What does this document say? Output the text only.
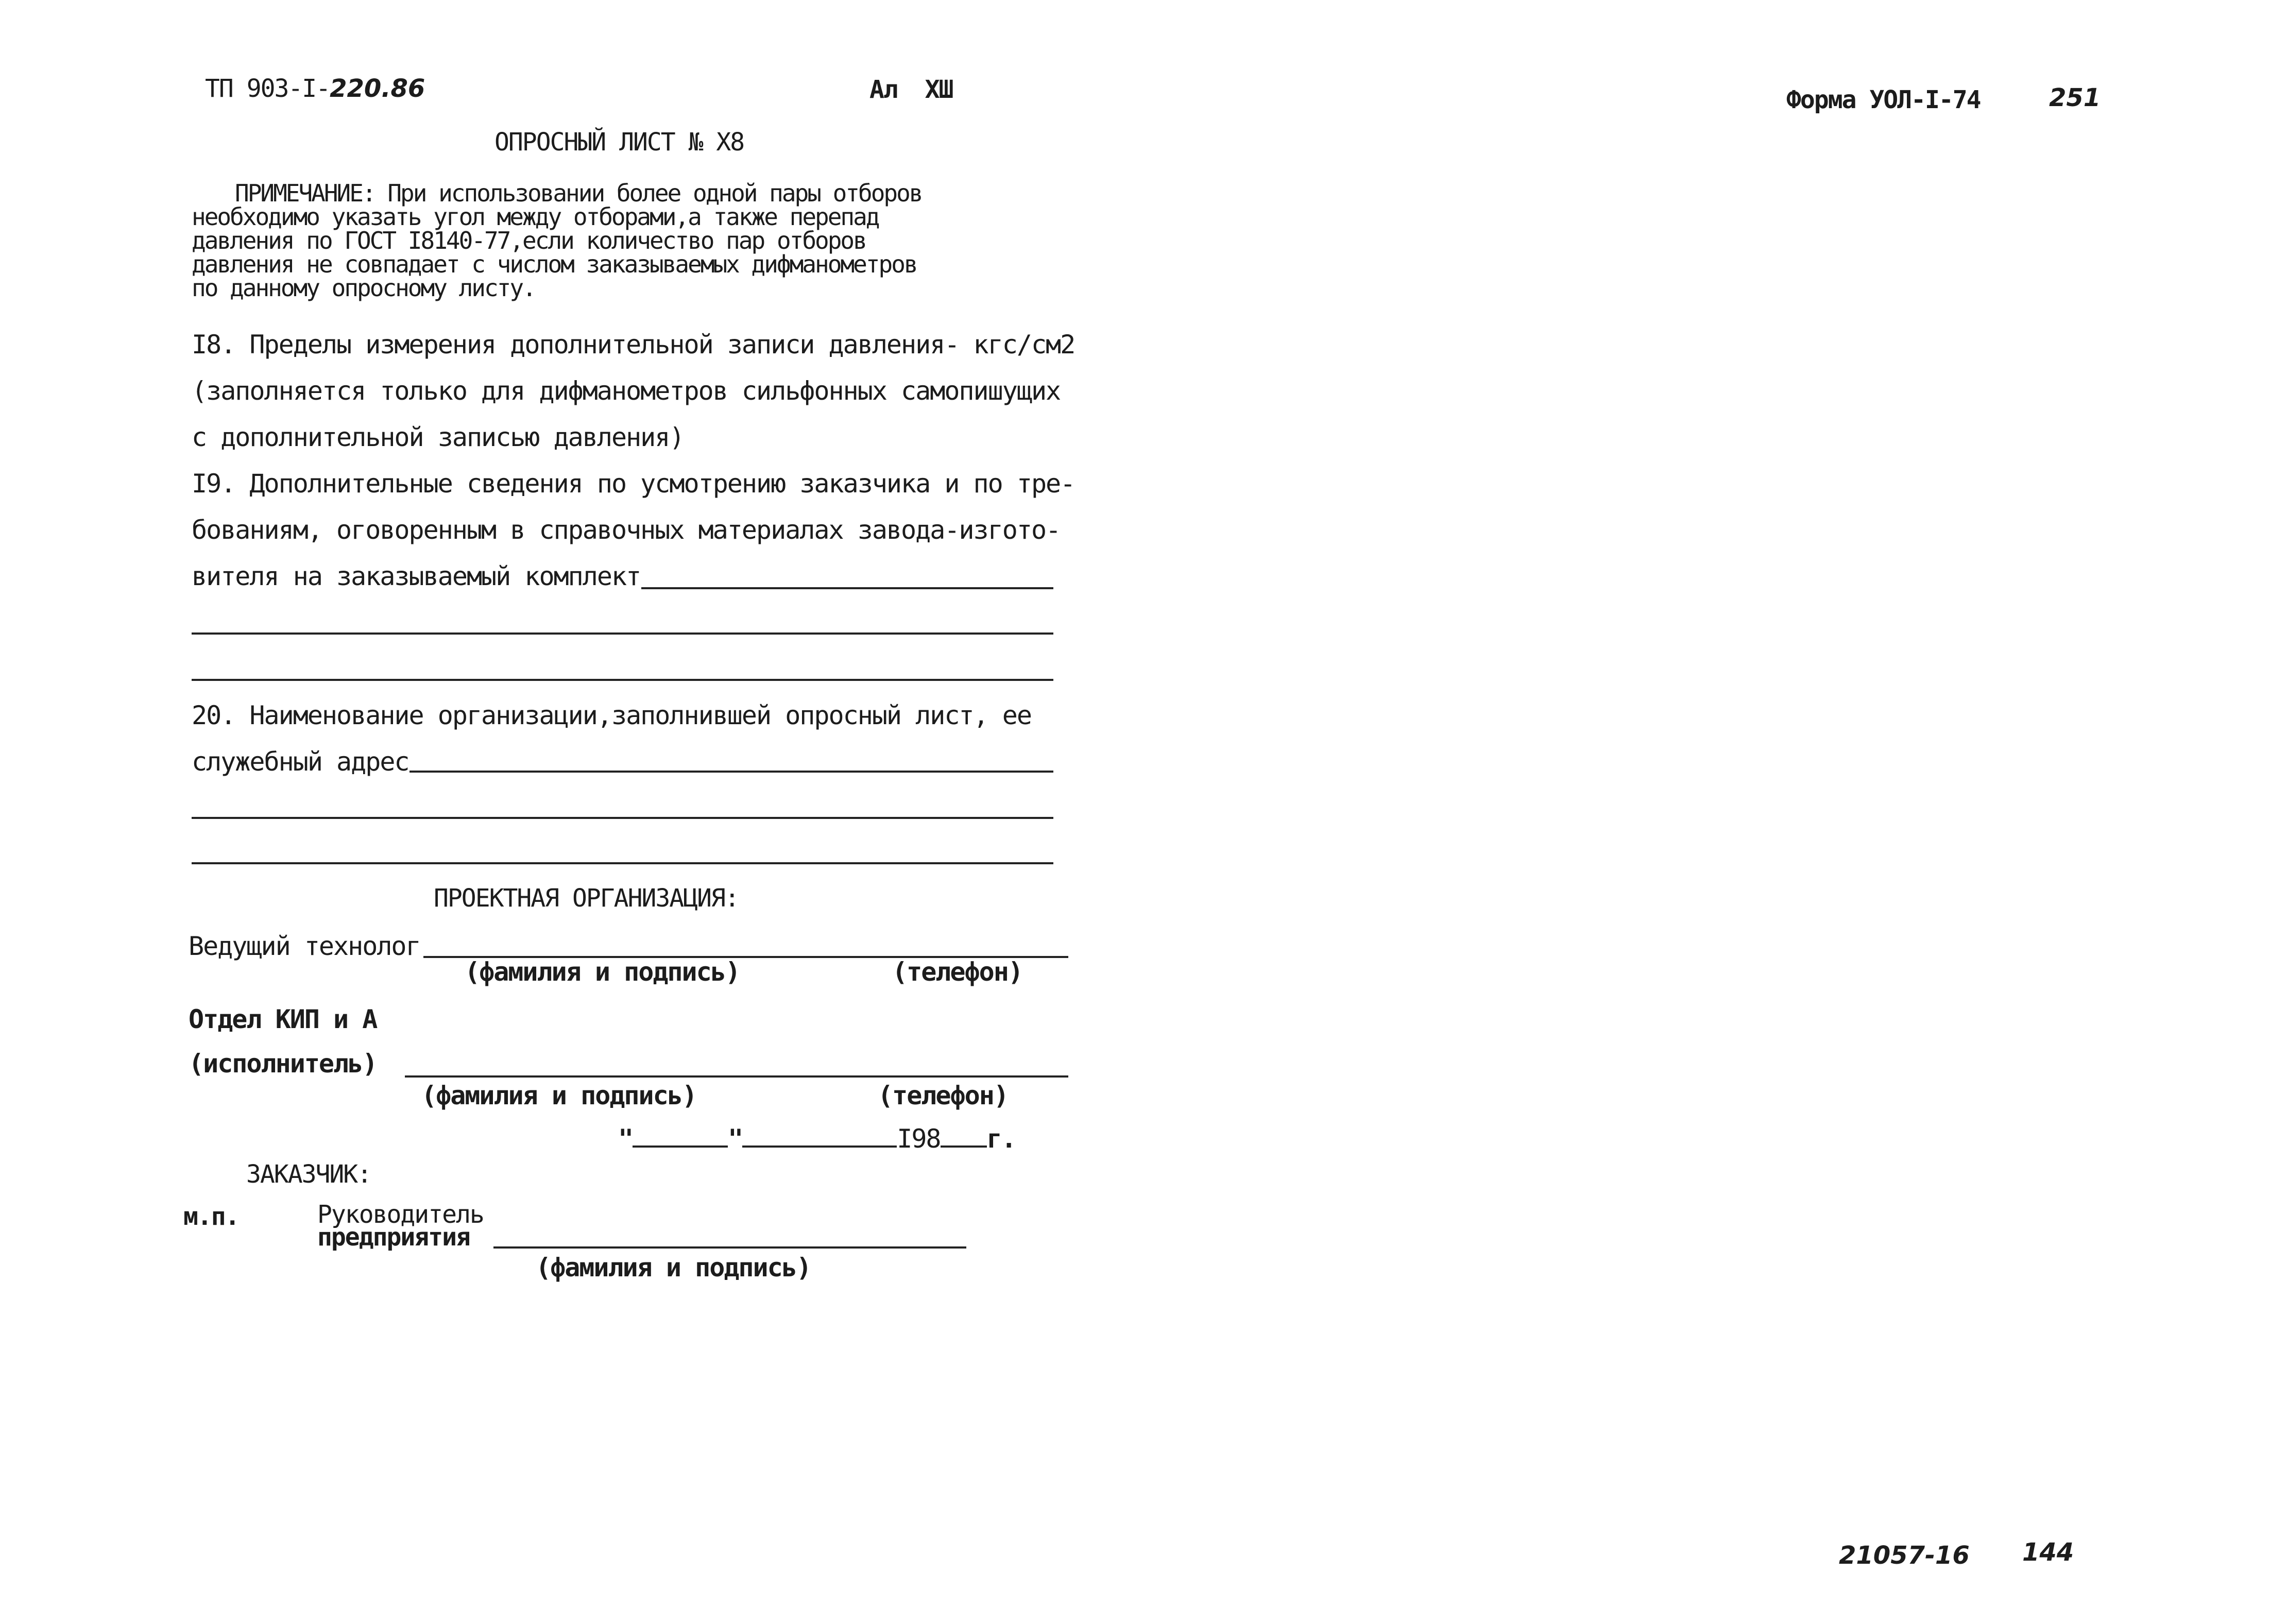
ТП 903-I-220.86	Ал  ХШ	Форма УОЛ-I-74	251
ОПРОСНЫЙ ЛИСТ № Х8
ПРИМЕЧАНИЕ: При использовании более одной пары отборов
необходимо указать угол между отборами,а также перепад
давления по ГОСТ I8140-77,если количество пар отборов
давления не совпадает с числом заказываемых дифманометров
по данному опросному листу.
I8. Пределы измерения дополнительной записи давления- кгс/см2
(заполняется только для дифманометров сильфонных самопишущих
с дополнительной записью давления)
I9. Дополнительные сведения по усмотрению заказчика и по тре-
бованиям, оговоренным в справочных материалах завода-изгото-
вителя на заказываемый комплект
20. Наименование организации,заполнившей опросный лист, ее
служебный адрес
ПРОЕКТНАЯ ОРГАНИЗАЦИЯ:
Ведущий технолог
(фамилия и подпись)	(телефон)
Отдел КИП и А
(исполнитель)
(фамилия и подпись)	(телефон)
"	"	I98 г.
ЗАКАЗЧИК:
м.п.	Руководитель
предприятия
(фамилия и подпись)
21057-16 144
